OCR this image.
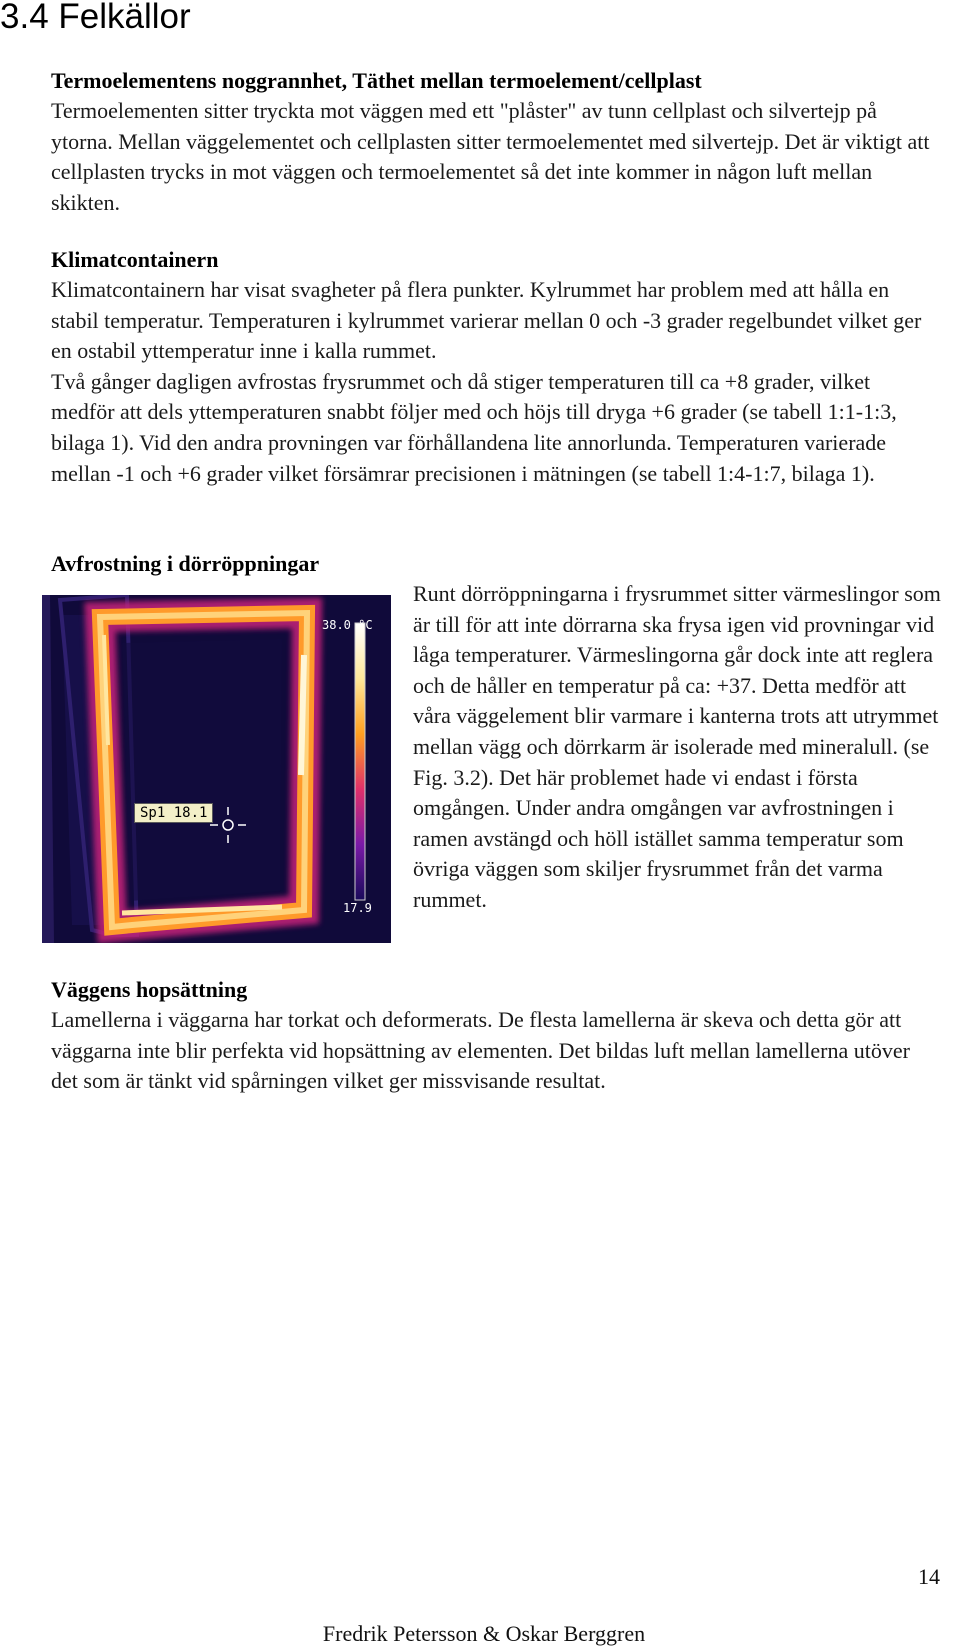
3.4 Felkällor

Termoelementens noggrannhet, Täthet mellan termoelement/cellplast

Termoelementen sitter tryckta mot väggen med ett "plåster" av tunn cellplast och silvertejp på ytorna. Mellan väggelementet och cellplasten sitter termoelementet med silvertejp. Det är viktigt att cellplasten trycks in mot väggen och termoelementet så det inte kommer in någon luft mellan skikten.

Klimatcontainern

Klimatcontainern har visat svagheter på flera punkter. Kylrummet har problem med att hålla en stabil temperatur. Temperaturen i kylrummet varierar mellan 0 och -3 grader regelbundet vilket ger en ostabil yttemperatur inne i kalla rummet.

Två gånger dagligen avfrostas frysrummet och då stiger temperaturen till ca +8 grader, vilket medför att dels yttemperaturen snabbt följer med och höjs till dryga +6 grader (se tabell 1:1-1:3, bilaga 1). Vid den andra provningen var förhållandena lite annorlunda. Temperaturen varierade mellan -1 och +6 grader vilket försämrar precisionen i mätningen (se tabell 1:4-1:7, bilaga 1).

Avfrostning i dörröppningar

38.0 °C
17.9
Sp1 18.1

Runt dörröppningarna i frysrummet sitter värmeslingor som är till för att inte dörrarna ska frysa igen vid provningar vid låga temperaturer. Värmeslingorna går dock inte att reglera och de håller en temperatur på ca: +37. Detta medför att våra väggelement blir varmare i kanterna trots att utrymmet mellan vägg och dörrkarm är isolerade med mineralull. (se Fig. 3.2). Det här problemet hade vi endast i första omgången. Under andra omgången var avfrostningen i ramen avstängd och höll istället samma temperatur som övriga väggen som skiljer frysrummet från det varma rummet.

Väggens hopsättning

Lamellerna i väggarna har torkat och deformerats. De flesta lamellerna är skeva och detta gör att väggarna inte blir perfekta vid hopsättning av elementen. Det bildas luft mellan lamellerna utöver det som är tänkt vid spårningen vilket ger missvisande resultat.

14
Fredrik Petersson & Oskar Berggren
